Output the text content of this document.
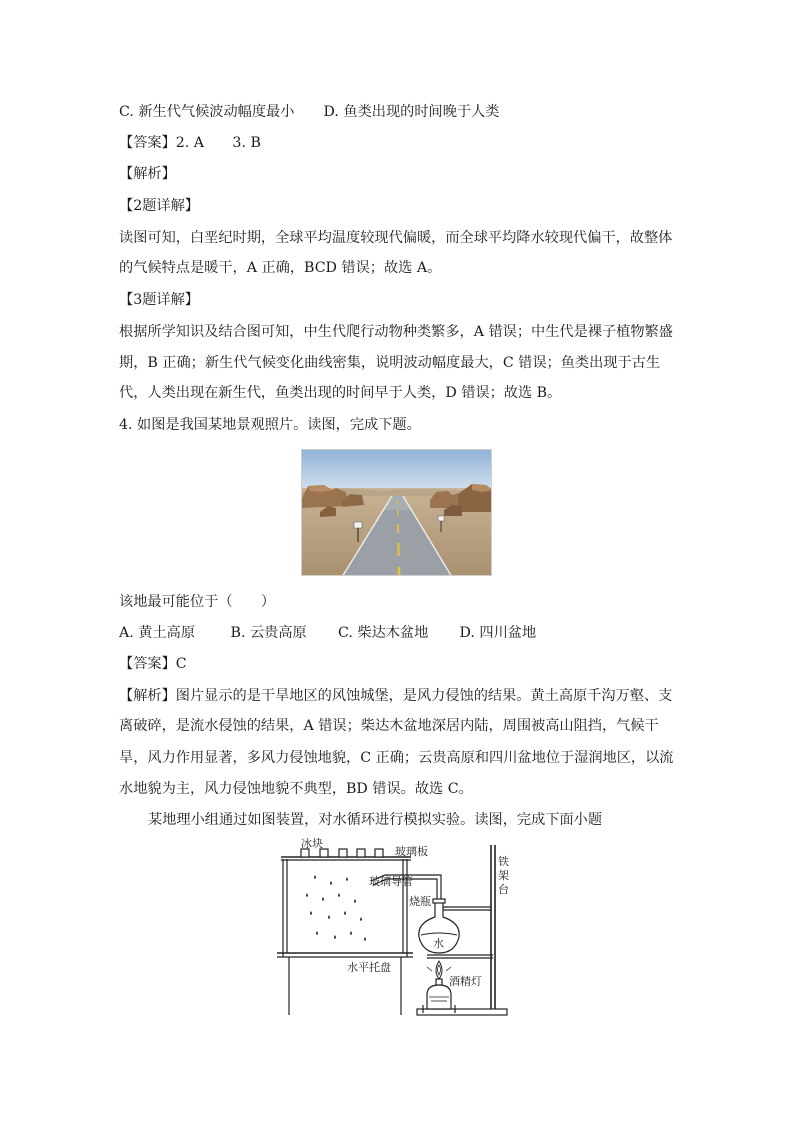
C. 新生代气候波动幅度最小 D. 鱼类出现的时间晚于人类
【答案】2. A　　3. B
【解析】
【2题详解】
读图可知，白垩纪时期，全球平均温度较现代偏暖，而全球平均降水较现代偏干，故整体
的气候特点是暖干，A 正确，BCD 错误；故选 A。
【3题详解】
根据所学知识及结合图可知，中生代爬行动物种类繁多，A 错误；中生代是裸子植物繁盛
期，B 正确；新生代气候变化曲线密集，说明波动幅度最大，C 错误；鱼类出现于古生
代，人类出现在新生代，鱼类出现的时间早于人类，D 错误；故选 B。
4. 如图是我国某地景观照片。读图，完成下题。
该地最可能位于（　　）
A. 黄土高原 B. 云贵高原 C. 柴达木盆地 D. 四川盆地
【答案】C
【解析】图片显示的是干旱地区的风蚀城堡，是风力侵蚀的结果。黄土高原千沟万壑、支
离破碎，是流水侵蚀的结果，A 错误；柴达木盆地深居内陆，周围被高山阻挡，气候干
旱，风力作用显著，多风力侵蚀地貌，C 正确；云贵高原和四川盆地位于湿润地区，以流
水地貌为主，风力侵蚀地貌不典型，BD 错误。故选 C。
某地理小组通过如图装置，对水循环进行模拟实验。读图，完成下面小题
冰块
玻璃板
玻璃导管
烧瓶
水
铁
架
台
水平托盘
酒精灯
